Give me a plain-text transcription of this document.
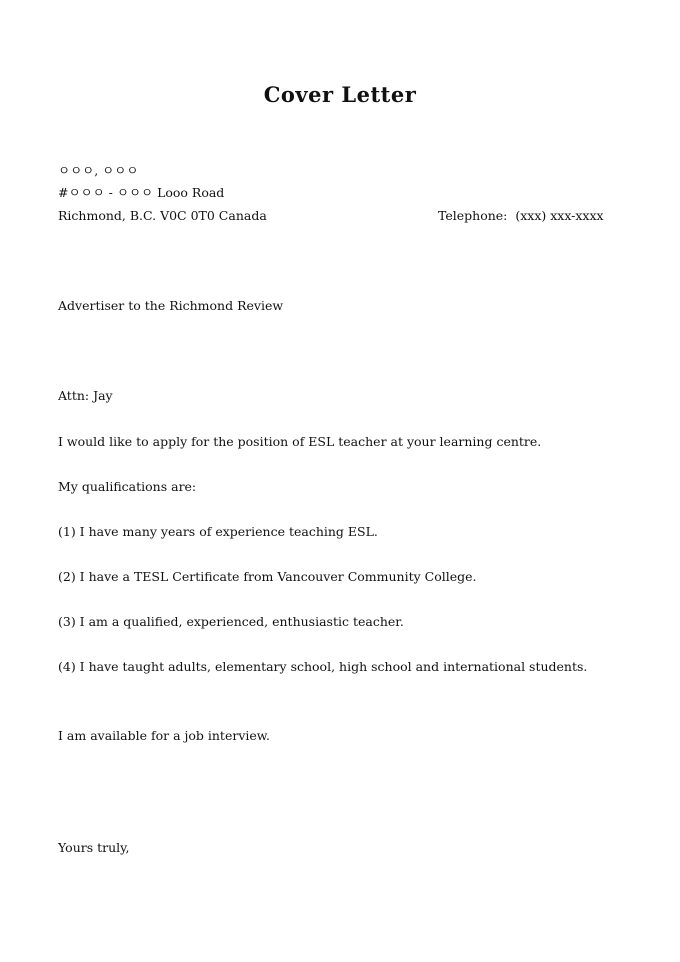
Cover Letter

ㅇㅇㅇ, ㅇㅇㅇ

#ㅇㅇㅇ - ㅇㅇㅇ Looo Road

Richmond, B.C. V0C 0T0 Canada	Telephone: (xxx) xxx-xxxx

Advertiser to the Richmond Review

Attn: Jay

I would like to apply for the position of ESL teacher at your learning centre.

My qualifications are:

(1) I have many years of experience teaching ESL.

(2) I have a TESL Certificate from Vancouver Community College.

(3) I am a qualified, experienced, enthusiastic teacher.

(4) I have taught adults, elementary school, high school and international students.

I am available for a job interview.

Yours truly,
